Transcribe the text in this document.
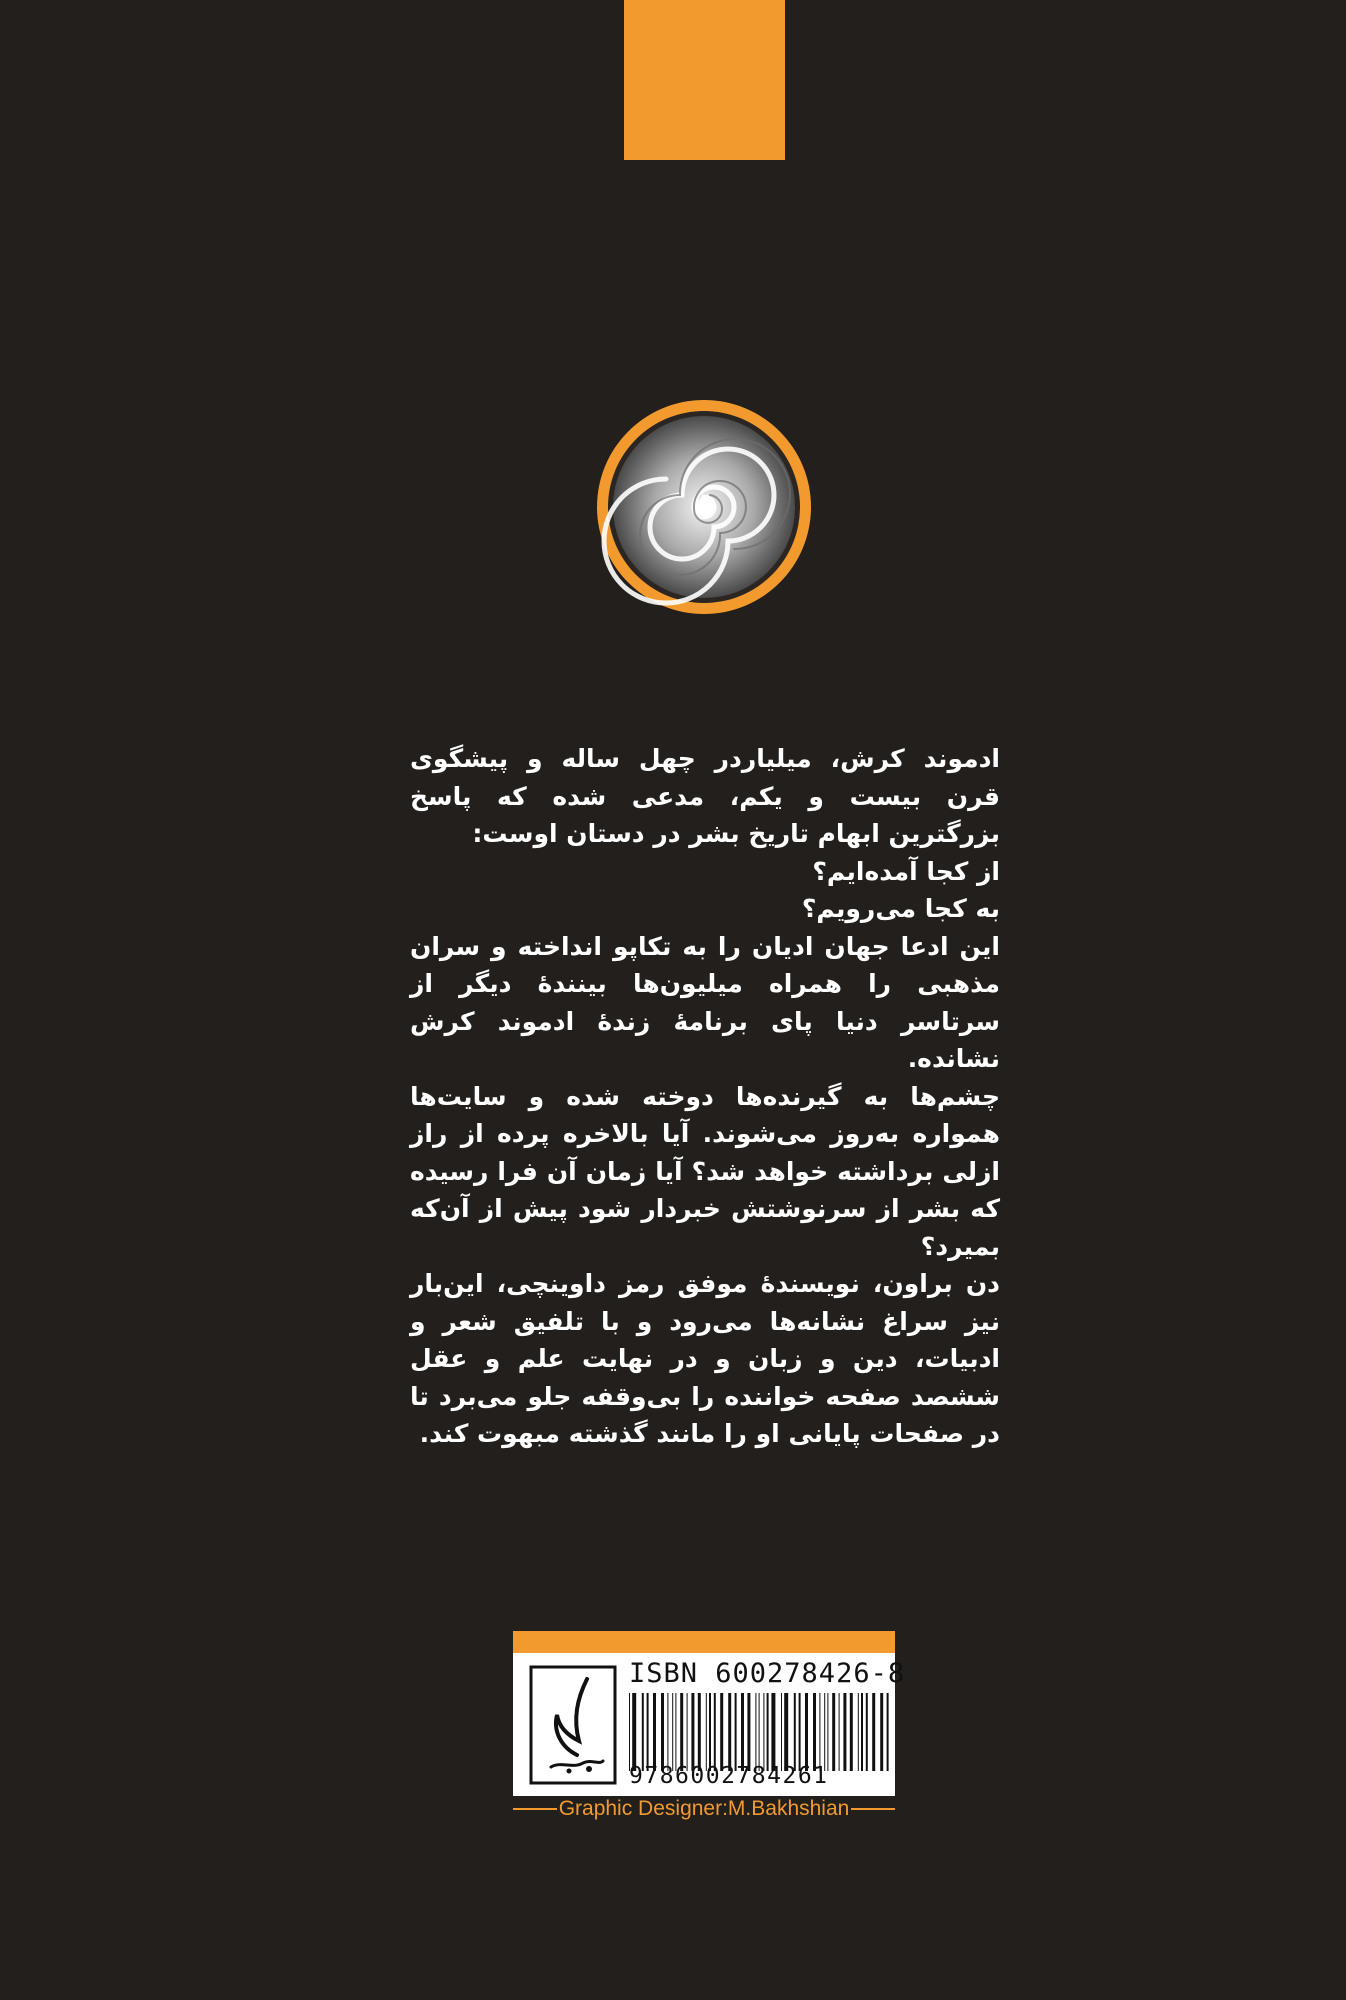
ادموند کرش، میلیاردر چهل ساله و پیشگوی قرن بیست و یکم، مدعی شده که پاسخ بزرگترین ابهام تاریخ بشر در دستان اوست:

از کجا آمده‌ایم؟

به کجا می‌رویم؟

این ادعا جهان ادیان را به تکاپو انداخته و سران مذهبی را همراه میلیون‌ها بینندهٔ دیگر از سرتاسر دنیا پای برنامهٔ زندهٔ ادموند کرش نشانده.

چشم‌ها به گیرنده‌ها دوخته شده و سایت‌ها همواره به‌روز می‌شوند. آیا بالاخره پرده از راز ازلی برداشته خواهد شد؟ آیا زمان آن فرا رسیده که بشر از سرنوشتش خبردار شود پیش از آن‌که بمیرد؟

دن براون، نویسندهٔ موفق رمز داوینچی، این‌بار نیز سراغ نشانه‌ها می‌رود و با تلفیق شعر و ادبیات، دین و زبان و در نهایت علم و عقل ششصد صفحه خواننده را بی‌وقفه جلو می‌برد تا در صفحات پایانی او را مانند گذشته مبهوت کند.

ISBN 600278426-8
9786002784261
Graphic Designer:M.Bakhshian
